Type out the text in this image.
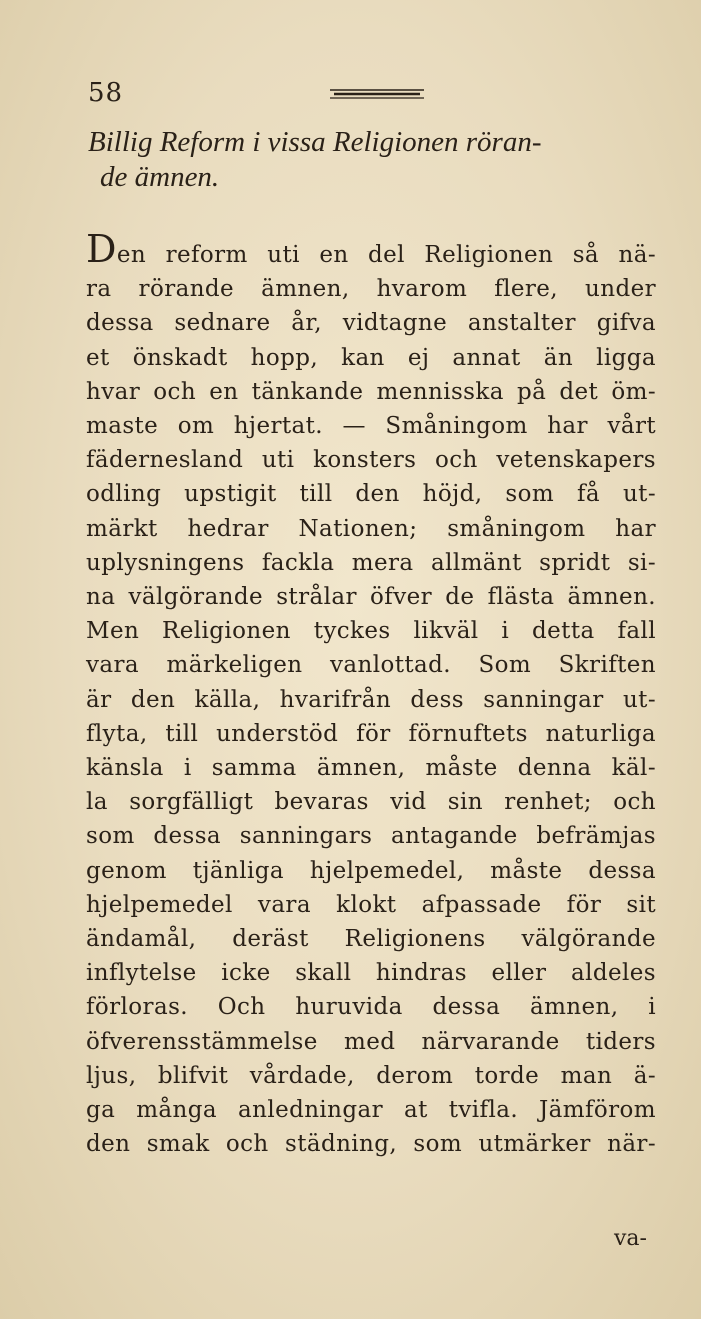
58
Billig Reform i vissa Religionen röran-
de ämnen.
Den reform uti en del Religionen så nä-
ra rörande ämnen, hvarom flere, under
dessa sednare år, vidtagne anstalter gifva
et önskadt hopp, kan ej annat än ligga
hvar och en tänkande mennisska på det öm-
maste om hjertat. — Småningom har vårt
fädernesland uti konsters och vetenskapers
odling upstigit till den höjd, som få ut-
märkt hedrar Nationen; småningom har
uplysningens fackla mera allmänt spridt si-
na välgörande strålar öfver de flästa ämnen.
Men Religionen tyckes likväl i detta fall
vara märkeligen vanlottad. Som Skriften
är den källa, hvarifrån dess sanningar ut-
flyta, till understöd för förnuftets naturliga
känsla i samma ämnen, måste denna käl-
la sorgfälligt bevaras vid sin renhet; och
som dessa sanningars antagande befrämjas
genom tjänliga hjelpemedel, måste dessa
hjelpemedel vara klokt afpassade för sit
ändamål, deräst Religionens välgörande
inflytelse icke skall hindras eller aldeles
förloras. Och huruvida dessa ämnen, i
öfverensstämmelse med närvarande tiders
ljus, blifvit vårdade, derom torde man ä-
ga många anledningar at tvifla. Jämförom
den smak och städning, som utmärker när-
va-
